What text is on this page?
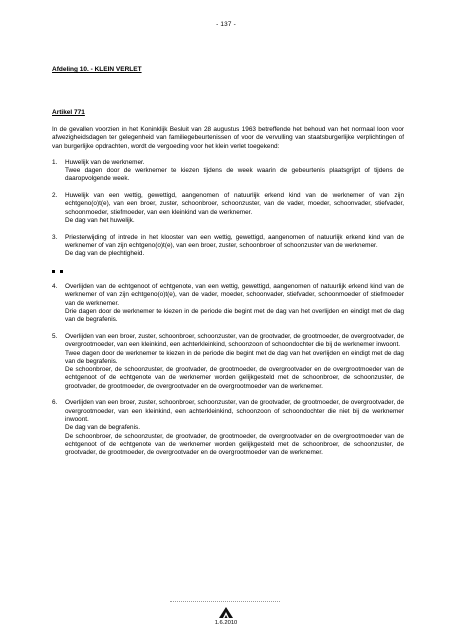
- 137 -
Afdeling 10. - KLEIN VERLET
Artikel 771

In de gevallen voorzien in het Koninklijk Besluit van 28 augustus 1963 betreffende het behoud van het normaal loon voor afwezigheidsdagen ter gelegenheid van familiegebeurtenissen of voor de vervulling van staatsburgerlijke verplichtingen of van burgerlijke opdrachten, wordt de vergoeding voor het klein verlet toegekend:

1.	Huwelijk van de werknemer.

Twee dagen door de werknemer te kiezen tijdens de week waarin de gebeurtenis plaatsgrijpt of tijdens de daaropvolgende week.

2.	Huwelijk van een wettig, gewettigd, aangenomen of natuurlijk erkend kind van de werknemer of van zijn echtgeno(o)t(e), van een broer, zuster, schoonbroer, schoonzuster, van de vader, moeder, schoonvader, stiefvader, schoonmoeder, stiefmoeder, van een kleinkind van de werknemer.

De dag van het huwelijk.

3.	Priesterwijding of intrede in het klooster van een wettig, gewettigd, aangenomen of natuurlijk erkend kind van de werknemer of van zijn echtgeno(o)t(e), van een broer, zuster, schoonbroer of schoonzuster van de werknemer.

De dag van de plechtigheid.

4.	Overlijden van de echtgenoot of echtgenote, van een wettig, gewettigd, aangenomen of natuurlijk erkend kind van de werknemer of van zijn echtgeno(o)t(e), van de vader, moeder, schoonvader, stiefvader, schoonmoeder of stiefmoeder van de werknemer.

Drie dagen door de werknemer te kiezen in de periode die begint met de dag van het overlijden en eindigt met de dag van de begrafenis.

5.	Overlijden van een broer, zuster, schoonbroer, schoonzuster, van de grootvader, de grootmoeder, de overgrootvader, de overgrootmoeder, van een kleinkind, een achterkleinkind, schoonzoon of schoondochter die bij de werknemer inwoont.

Twee dagen door de werknemer te kiezen in de periode die begint met de dag van het overlijden en eindigt met de dag van de begrafenis.

De schoonbroer, de schoonzuster, de grootvader, de grootmoeder, de overgrootvader en de overgrootmoeder van de echtgenoot of de echtgenote van de werknemer worden gelijkgesteld met de schoonbroer, de schoonzuster, de grootvader, de grootmoeder, de overgrootvader en de overgrootmoeder van de werknemer.

6.	Overlijden van een broer, zuster, schoonbroer, schoonzuster, van de grootvader, de grootmoeder, de overgrootvader, de overgrootmoeder, van een kleinkind, een achterkleinkind, schoonzoon of schoondochter die niet bij de werknemer inwoont.

De dag van de begrafenis.

De schoonbroer, de schoonzuster, de grootvader, de grootmoeder, de overgrootvader en de overgrootmoeder van de echtgenoot of de echtgenote van de werknemer worden gelijkgesteld met de schoonbroer, de schoonzuster, de grootvader, de grootmoeder, de overgrootvader en de overgrootmoeder van de werknemer.

1.6.2010
